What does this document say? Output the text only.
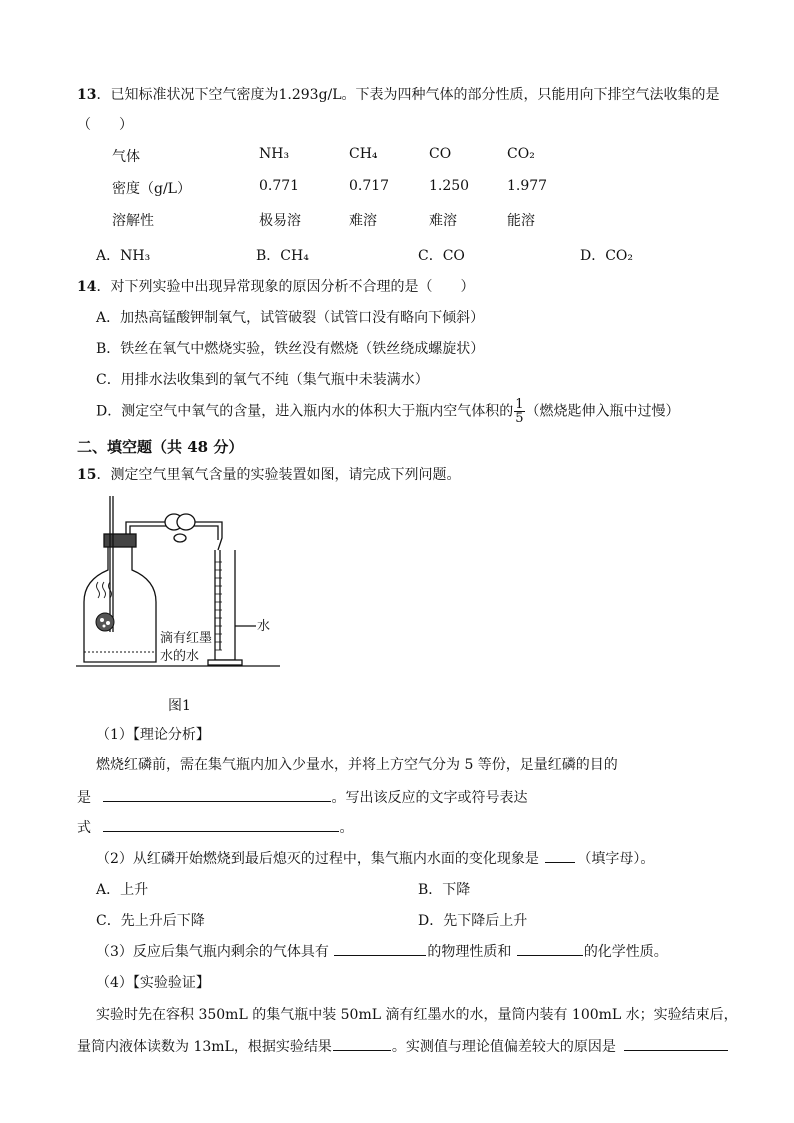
13．已知标准状况下空气密度为1.293g/L。下表为四种气体的部分性质，只能用向下排空气法收集的是
（　　）
气体	NH₃	CH₄	CO	CO₂
密度（g/L）	0.771	0.717	1.250	1.977
溶解性	极易溶	难溶	难溶	能溶
A．NH₃	B．CH₄	C．CO	D．CO₂
14．对下列实验中出现异常现象的原因分析不合理的是（　　）
A．加热高锰酸钾制氧气，试管破裂（试管口没有略向下倾斜）
B．铁丝在氧气中燃烧实验，铁丝没有燃烧（铁丝绕成螺旋状）
C．用排水法收集到的氧气不纯（集气瓶中未装满水）
D．测定空气中氧气的含量，进入瓶内水的体积大于瓶内空气体积的 $\frac{1}{5}$ （燃烧匙伸入瓶中过慢）
二、填空题（共 48 分）
15．测定空气里氧气含量的实验装置如图，请完成下列问题。
滴有红墨
水的水
水
图1
（1）【理论分析】
燃烧红磷前，需在集气瓶内加入少量水，并将上方空气分为 5 等份，足量红磷的目的
是	。写出该反应的文字或符号表达
式	。
（2）从红磷开始燃烧到最后熄灭的过程中，集气瓶内水面的变化现象是	（填字母）。
A．上升	B．下降
C．先上升后下降	D．先下降后上升
（3）反应后集气瓶内剩余的气体具有	的物理性质和	的化学性质。
（4）【实验验证】
实验时先在容积 350mL 的集气瓶中装 50mL 滴有红墨水的水，量筒内装有 100mL 水；实验结束后，
量筒内液体读数为 13mL，根据实验结果	。实测值与理论值偏差较大的原因是
